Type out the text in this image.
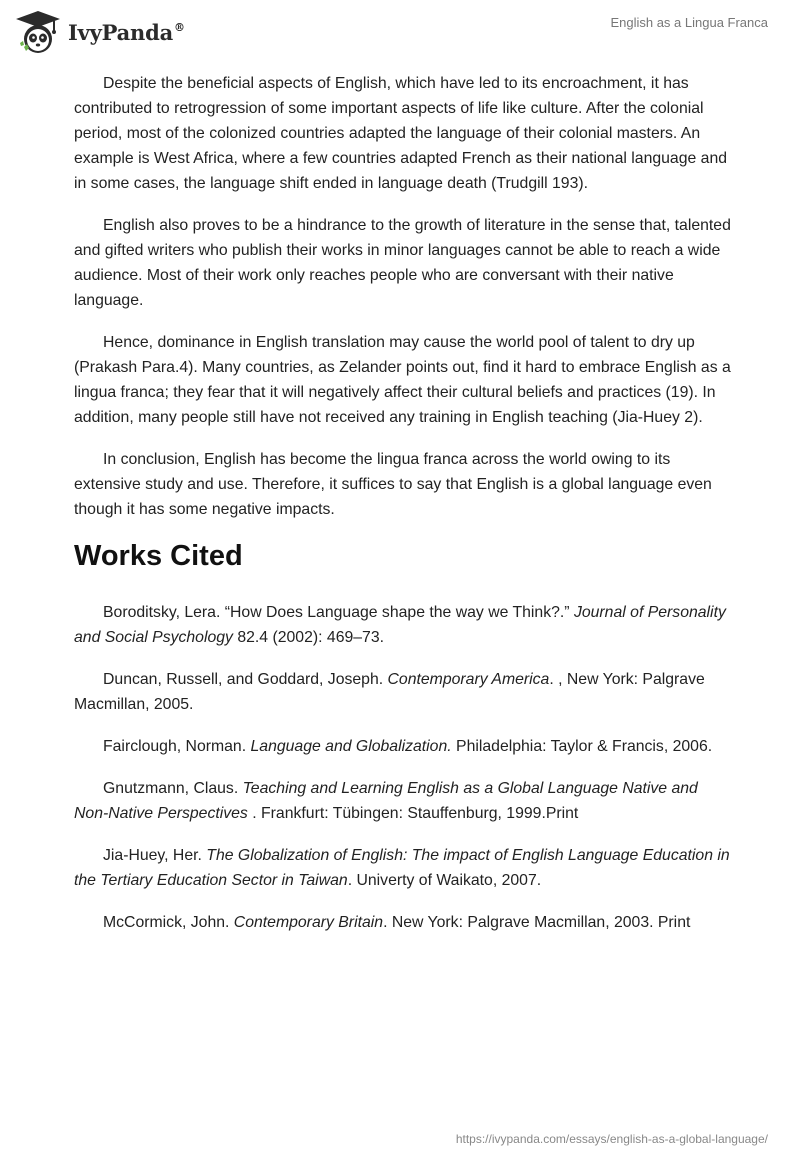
IvyPanda®	English as a Lingua Franca

Despite the beneficial aspects of English, which have led to its encroachment, it has contributed to retrogression of some important aspects of life like culture. After the colonial period, most of the colonized countries adapted the language of their colonial masters. An example is West Africa, where a few countries adapted French as their national language and in some cases, the language shift ended in language death (Trudgill 193).

English also proves to be a hindrance to the growth of literature in the sense that, talented and gifted writers who publish their works in minor languages cannot be able to reach a wide audience. Most of their work only reaches people who are conversant with their native language.

Hence, dominance in English translation may cause the world pool of talent to dry up (Prakash Para.4). Many countries, as Zelander points out, find it hard to embrace English as a lingua franca; they fear that it will negatively affect their cultural beliefs and practices (19). In addition, many people still have not received any training in English teaching (Jia-Huey 2).

In conclusion, English has become the lingua franca across the world owing to its extensive study and use. Therefore, it suffices to say that English is a global language even though it has some negative impacts.

Works Cited
Boroditsky, Lera. “How Does Language shape the way we Think?.” Journal of Personality and Social Psychology 82.4 (2002): 469–73.
Duncan, Russell, and Goddard, Joseph. Contemporary America. , New York: Palgrave Macmillan, 2005.
Fairclough, Norman. Language and Globalization. Philadelphia: Taylor & Francis, 2006.
Gnutzmann, Claus. Teaching and Learning English as a Global Language Native and Non-Native Perspectives . Frankfurt: Tübingen: Stauffenburg, 1999.Print
Jia-Huey, Her. The Globalization of English: The impact of English Language Education in the Tertiary Education Sector in Taiwan. Univerty of Waikato, 2007.
McCormick, John. Contemporary Britain. New York: Palgrave Macmillan, 2003. Print
https://ivypanda.com/essays/english-as-a-global-language/
